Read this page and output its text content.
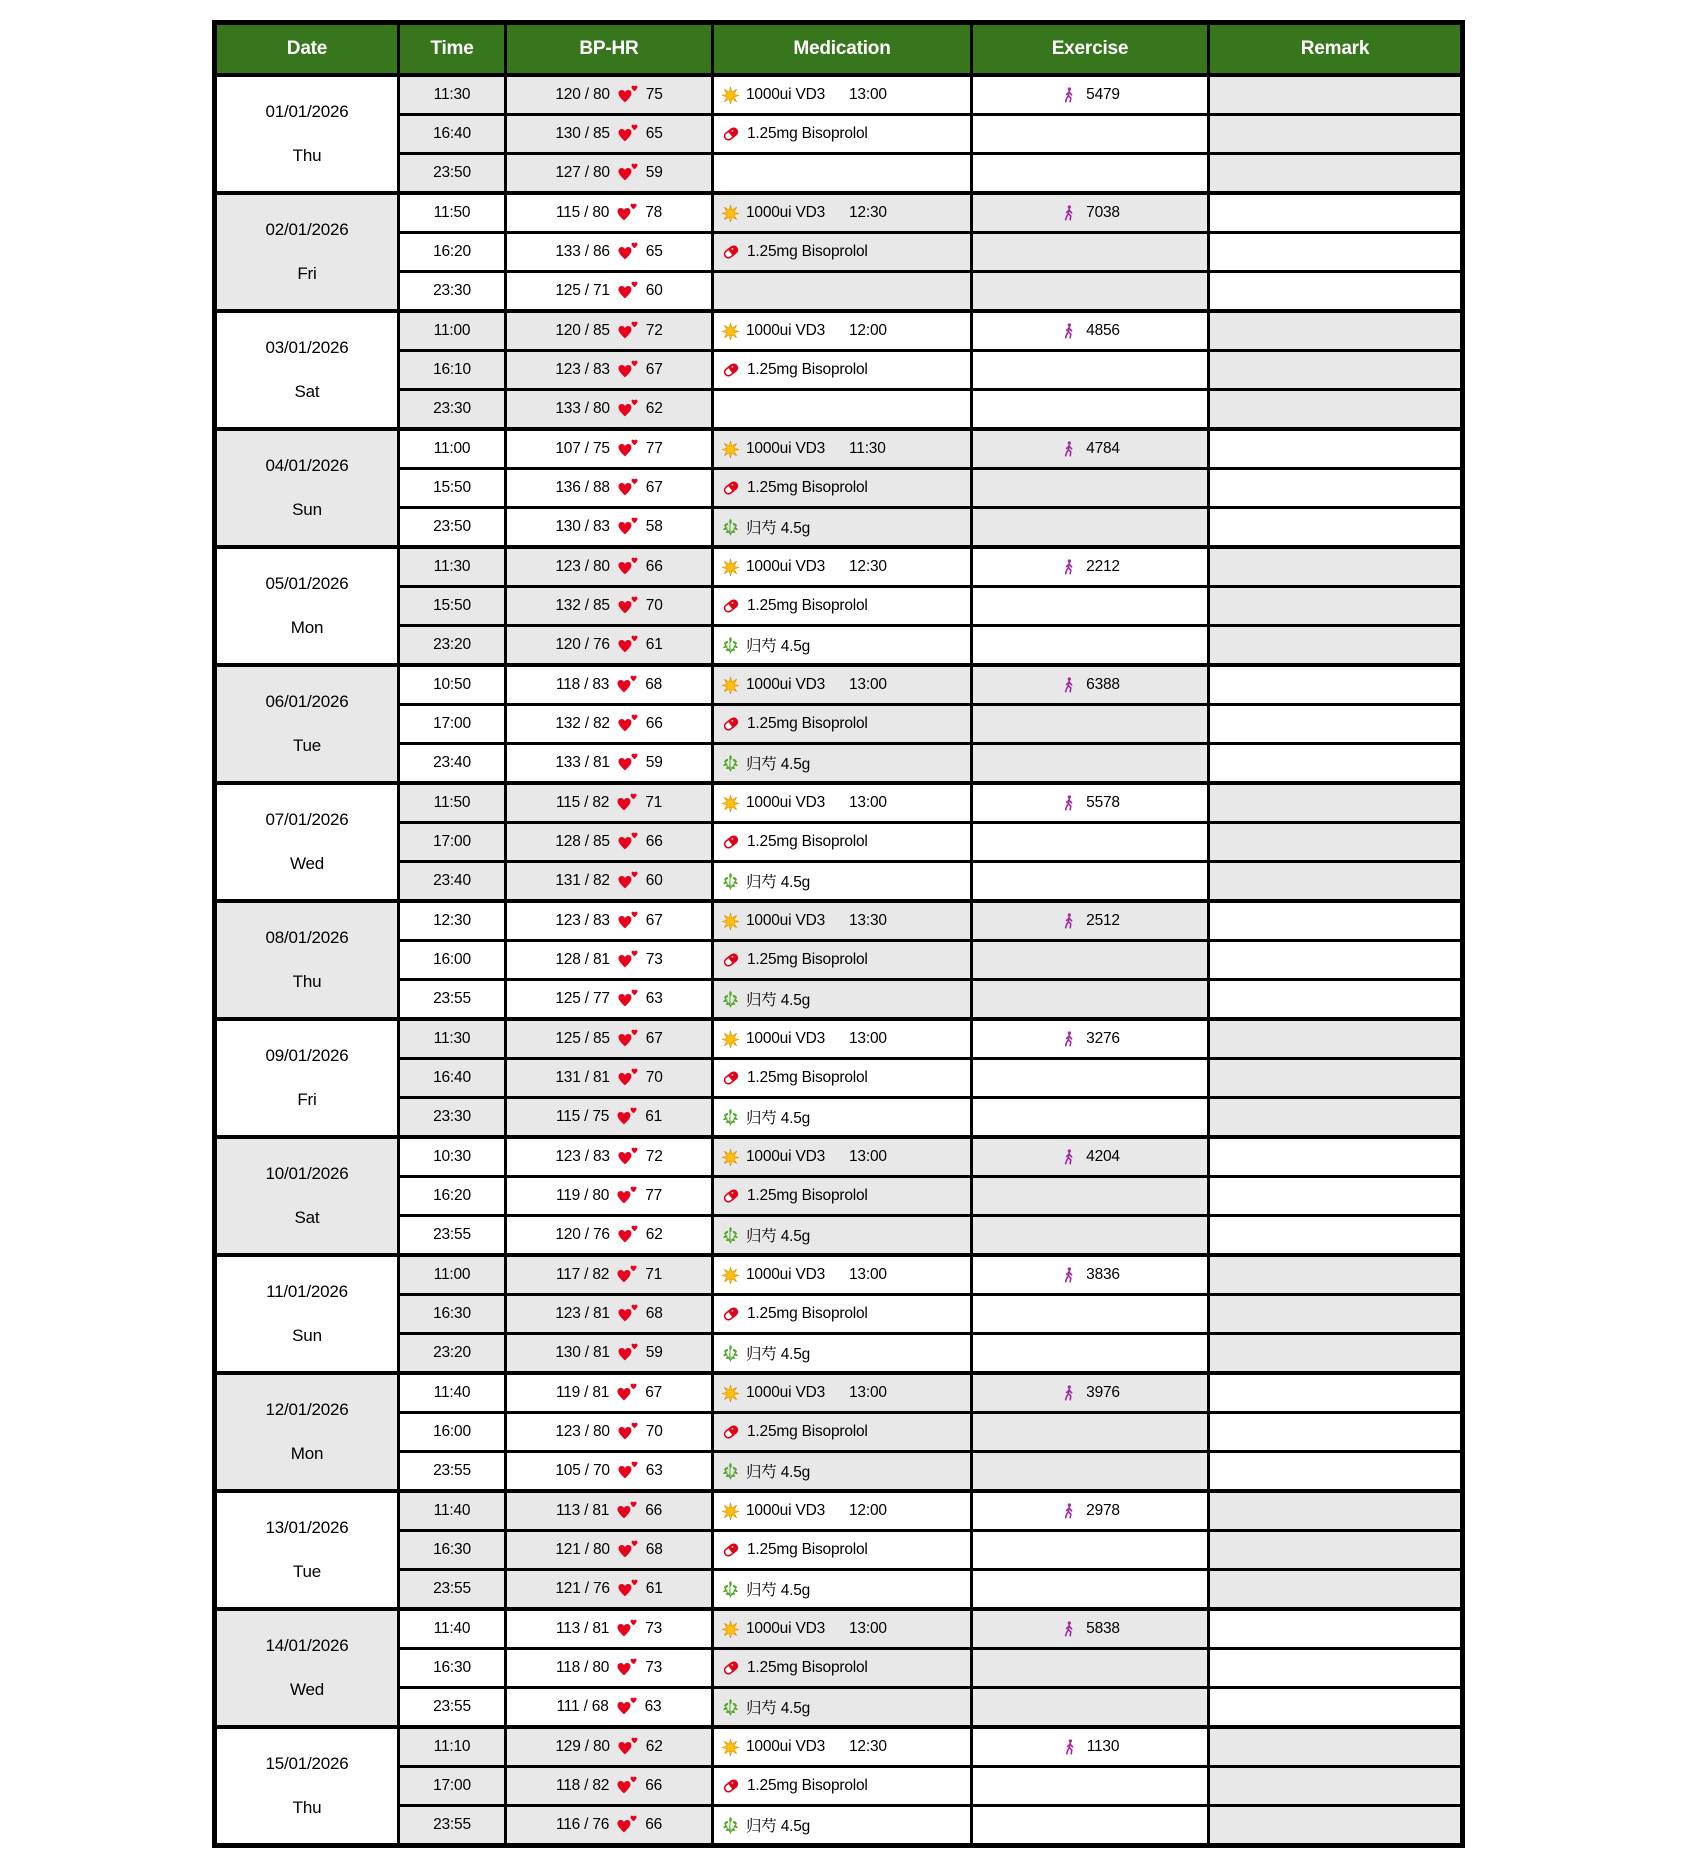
Date	Time	BP-HR	Medication	Exercise	Remark
01/01/2026
Thu
11:30	120 / 80 75	1000ui VD3 13:00	5479
16:40	130 / 85 65	1.25mg Bisoprolol
23:50	127 / 80 59
02/01/2026
Fri
11:50	115 / 80 78	1000ui VD3 12:30	7038
16:20	133 / 86 65	1.25mg Bisoprolol
23:30	125 / 71 60
03/01/2026
Sat
11:00	120 / 85 72	1000ui VD3 12:00	4856
16:10	123 / 83 67	1.25mg Bisoprolol
23:30	133 / 80 62
04/01/2026
Sun
11:00	107 / 75 77	1000ui VD3 11:30	4784
15:50	136 / 88 67	1.25mg Bisoprolol
23:50	130 / 83 58	归芍 4.5g
05/01/2026
Mon
11:30	123 / 80 66	1000ui VD3 12:30	2212
15:50	132 / 85 70	1.25mg Bisoprolol
23:20	120 / 76 61	归芍 4.5g
06/01/2026
Tue
10:50	118 / 83 68	1000ui VD3 13:00	6388
17:00	132 / 82 66	1.25mg Bisoprolol
23:40	133 / 81 59	归芍 4.5g
07/01/2026
Wed
11:50	115 / 82 71	1000ui VD3 13:00	5578
17:00	128 / 85 66	1.25mg Bisoprolol
23:40	131 / 82 60	归芍 4.5g
08/01/2026
Thu
12:30	123 / 83 67	1000ui VD3 13:30	2512
16:00	128 / 81 73	1.25mg Bisoprolol
23:55	125 / 77 63	归芍 4.5g
09/01/2026
Fri
11:30	125 / 85 67	1000ui VD3 13:00	3276
16:40	131 / 81 70	1.25mg Bisoprolol
23:30	115 / 75 61	归芍 4.5g
10/01/2026
Sat
10:30	123 / 83 72	1000ui VD3 13:00	4204
16:20	119 / 80 77	1.25mg Bisoprolol
23:55	120 / 76 62	归芍 4.5g
11/01/2026
Sun
11:00	117 / 82 71	1000ui VD3 13:00	3836
16:30	123 / 81 68	1.25mg Bisoprolol
23:20	130 / 81 59	归芍 4.5g
12/01/2026
Mon
11:40	119 / 81 67	1000ui VD3 13:00	3976
16:00	123 / 80 70	1.25mg Bisoprolol
23:55	105 / 70 63	归芍 4.5g
13/01/2026
Tue
11:40	113 / 81 66	1000ui VD3 12:00	2978
16:30	121 / 80 68	1.25mg Bisoprolol
23:55	121 / 76 61	归芍 4.5g
14/01/2026
Wed
11:40	113 / 81 73	1000ui VD3 13:00	5838
16:30	118 / 80 73	1.25mg Bisoprolol
23:55	111 / 68 63	归芍 4.5g
15/01/2026
Thu
11:10	129 / 80 62	1000ui VD3 12:30	1130
17:00	118 / 82 66	1.25mg Bisoprolol
23:55	116 / 76 66	归芍 4.5g
